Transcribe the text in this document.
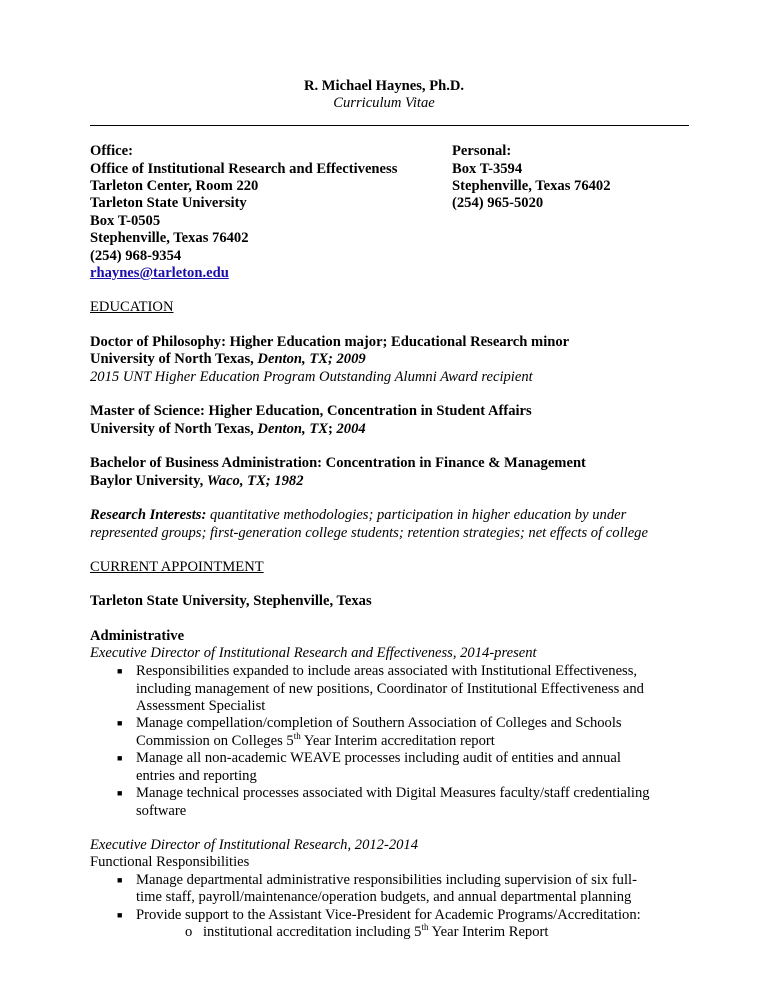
R. Michael Haynes, Ph.D.
Curriculum Vitae
Office:
Office of Institutional Research and Effectiveness
Tarleton Center, Room 220
Tarleton State University
Box T-0505
Stephenville, Texas 76402
(254) 968-9354
rhaynes@tarleton.edu
Personal:
Box T-3594
Stephenville, Texas 76402
(254) 965-5020
EDUCATION
Doctor of Philosophy: Higher Education major; Educational Research minor
University of North Texas, Denton, TX; 2009
2015 UNT Higher Education Program Outstanding Alumni Award recipient
Master of Science: Higher Education, Concentration in Student Affairs
University of North Texas, Denton, TX; 2004
Bachelor of Business Administration: Concentration in Finance & Management
Baylor University, Waco, TX; 1982
Research Interests: quantitative methodologies; participation in higher education by under
represented groups; first-generation college students; retention strategies; net effects of college
CURRENT APPOINTMENT
Tarleton State University, Stephenville, Texas
Administrative
Executive Director of Institutional Research and Effectiveness, 2014-present
■ Responsibilities expanded to include areas associated with Institutional Effectiveness,
including management of new positions, Coordinator of Institutional Effectiveness and
Assessment Specialist
■ Manage compellation/completion of Southern Association of Colleges and Schools
Commission on Colleges 5th Year Interim accreditation report
■ Manage all non-academic WEAVE processes including audit of entities and annual
entries and reporting
■ Manage technical processes associated with Digital Measures faculty/staff credentialing
software
Executive Director of Institutional Research, 2012-2014
Functional Responsibilities
■ Manage departmental administrative responsibilities including supervision of six full-
time staff, payroll/maintenance/operation budgets, and annual departmental planning
■ Provide support to the Assistant Vice-President for Academic Programs/Accreditation:
o institutional accreditation including 5th Year Interim Report
